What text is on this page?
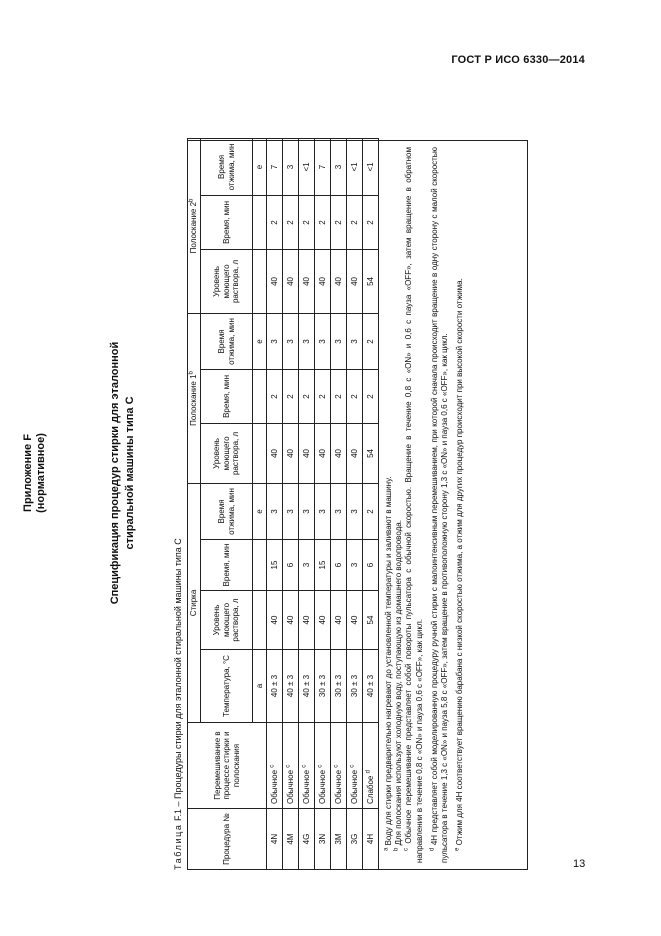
ГОСТ Р ИСО 6330—2014
Приложение F (нормативное)	Спецификация процедур стирки для эталонной стиральной машины типа С
Таблица F.1 – Процедуры стирки для эталонной стиральной машины типа С
Процедура №	Перемешивание в процессе стирки и полоскания	Стирка				Полоскание 1$^b$			Полоскание 2$^b$
		Температура, °С	Уровень моющего раствора, л	Время, мин	Время отжима, мин	Уровень моющего раствора, л	Время, мин	Время отжима, мин	Уровень моющего раствора, л	Время, мин	Время отжима, мин
		a			e			e			e
4N	Обычное $^c$	40 ± 3	40	15	3	40	2	3	40	2	7
4M	Обычное $^c$	40 ± 3	40	6	3	40	2	3	40	2	3
4G	Обычное $^c$	40 ± 3	40	3	3	40	2	3	40	2	<1
3N	Обычное $^c$	30 ± 3	40	15	3	40	2	3	40	2	7
3M	Обычное $^c$	30 ± 3	40	6	3	40	2	3	40	2	3
3G	Обычное $^c$	30 ± 3	40	3	3	40	2	3	40	2	<1
4H	Слабое $^d$	40 ± 3	54	6	2	54	2	2	54	2	<1

$^a$ Воду для стирки предварительно нагревают до установленной температуры и заливают в машину.

$^b$ Для полоскания используют холодную воду, поступающую из домашнего водопровода.

$^c$ Обычное перемешивание представляет собой повороты пульсатора с обычной скоростью. Вращение в течение 0,8 с «ON» и 0,6 с пауза «OFF», затем вращение в обратном направлении в течение 0,8 с «ON» и пауза 0,6 с «OFF», как цикл. $^d$ 4H представляет собой моделированную процедуру ручной стирки с малоинтенсивным перемешиванием, при которой сначала происходит вращение в одну сторону с малой скоростью пульсатора в течение 1,3 с «ON» и пауза 5,8 с «OFF», затем вращение в противоположную сторону 1,3 с «ON» и пауза 0,6 с «OFF», как цикл. $^e$ Отжим для 4H соответствует вращению барабана с низкой скоростью отжима, а отжим для других процедур происходит при высокой скорости отжима.

13
